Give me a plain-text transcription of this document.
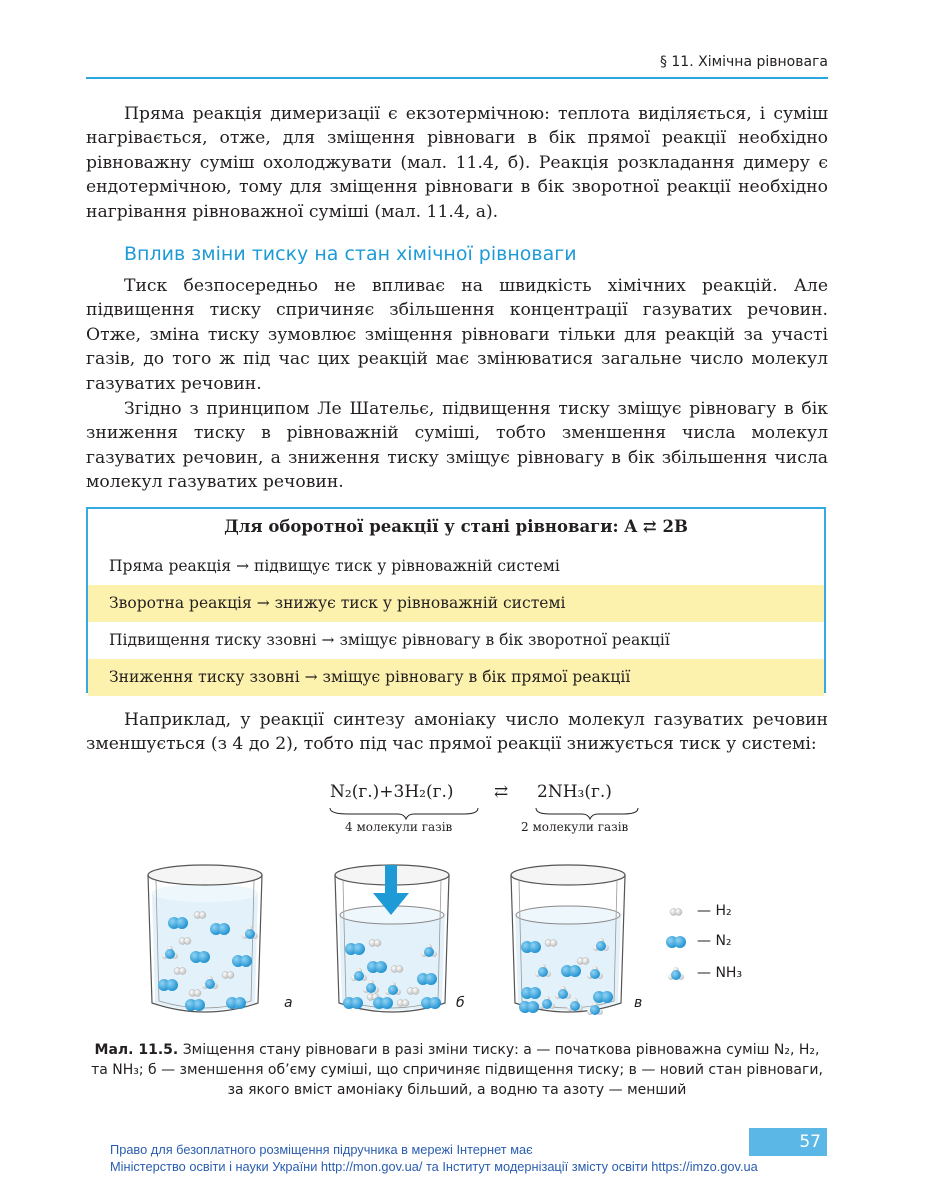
§ 11. Хімічна рівновага

Пряма реакція димеризації є екзотермічною: теплота виділяється, і суміш нагрівається, отже, для зміщення рівноваги в бік прямої реакції необхідно рівноважну суміш охолоджувати (мал. 11.4, б). Реакція розкладання димеру є ендотермічною, тому для зміщення рівноваги в бік зворотної реакції необхідно нагрівання рівноважної суміші (мал. 11.4, а).

Вплив зміни тиску на стан хімічної рівноваги

Тиск безпосередньо не впливає на швидкість хімічних реакцій. Але підвищення тиску спричиняє збільшення концентрації газуватих речовин. Отже, зміна тиску зумовлює зміщення рівноваги тільки для реакцій за участі газів, до того ж під час цих реакцій має змінюватися загальне число молекул газуватих речовин.

Згідно з принципом Ле Шательє, підвищення тиску зміщує рівновагу в бік зниження тиску в рівноважній суміші, тобто зменшення числа молекул газуватих речовин, а зниження тиску зміщує рівновагу в бік збільшення числа молекул газуватих речовин.

Для оборотної реакції у стані рівноваги: A ⇄ 2B
Пряма реакція → підвищує тиск у рівноважній системі
Зворотна реакція → знижує тиск у рівноважній системі
Підвищення тиску ззовні → зміщує рівновагу в бік зворотної реакції
Зниження тиску ззовні → зміщує рівновагу в бік прямої реакції

Наприклад, у реакції синтезу амоніаку число молекул газуватих речовин зменшується (з 4 до 2), тобто під час прямої реакції знижується тиск у системі:

N₂(г.)+3H₂(г.) ⇄ 2NH₃(г.)
4 молекули газів	2 молекули газів
а	б	в
— H₂
— N₂
— NH₃
Мал. 11.5. Зміщення стану рівноваги в разі зміни тиску: а — початкова рівноважна суміш N₂, H₂, та NH₃; б — зменшення об’єму суміші, що спричиняє підвищення тиску; в — новий стан рівноваги, за якого вміст амоніаку більший, а водню та азоту — менший
Право для безоплатного розміщення підручника в мережі Інтернет має
Міністерство освіти і науки України http://mon.gov.ua/ та Інститут модернізації змісту освіти https://imzo.gov.ua
57
